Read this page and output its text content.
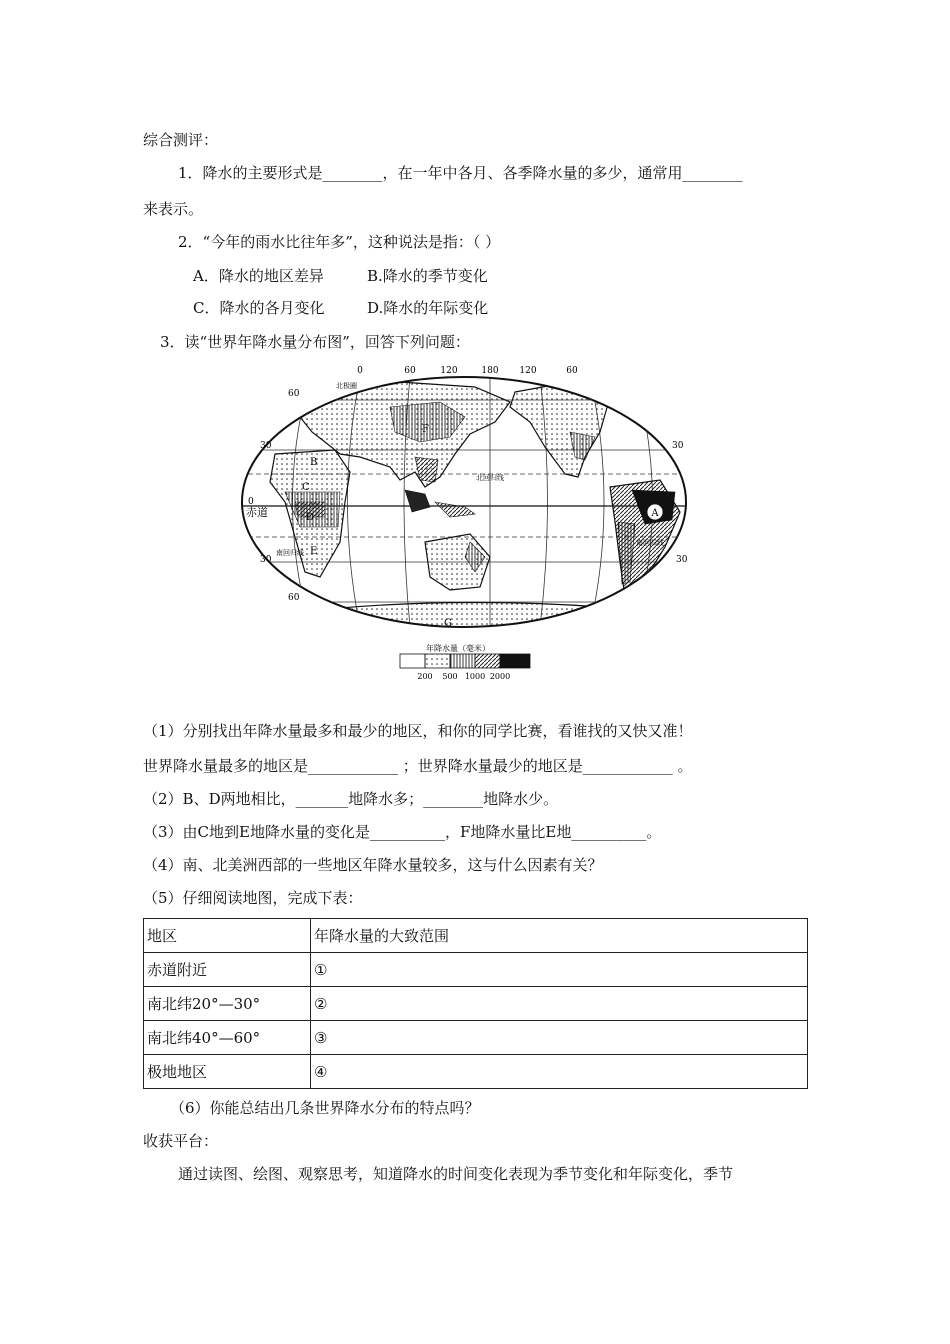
综合测评：
1．降水的主要形式是________，在一年中各月、各季降水量的多少，通常用________
来表示。
2．“今年的雨水比往年多”，这种说法是指：（ ）
A．降水的地区差异	B.降水的季节变化
C．降水的各月变化	D.降水的年际变化
3．读“世界年降水量分布图”，回答下列问题：
0	60	120	180 120	60
60
30
0
30
60
30
30
赤道
北极圈
北回归线
南回归线
南回归线
A
B
C
D
E
F
G
年降水量（毫米）
200 500 1000 2000
（1）分别找出年降水量最多和最少的地区，和你的同学比赛，看谁找的又快又准！
世界降水量最多的地区是____________ ；世界降水量最少的地区是____________ 。
（2）B、D两地相比，_______地降水多；________地降水少。
（3）由C地到E地降水量的变化是__________，F地降水量比E地__________。
（4）南、北美洲西部的一些地区年降水量较多，这与什么因素有关？
（5）仔细阅读地图，完成下表：
地区	年降水量的大致范围
赤道附近	①
南北纬20°—30°	②
南北纬40°—60°	③
极地地区	④
（6）你能总结出几条世界降水分布的特点吗？
收获平台：
通过读图、绘图、观察思考，知道降水的时间变化表现为季节变化和年际变化，季节
